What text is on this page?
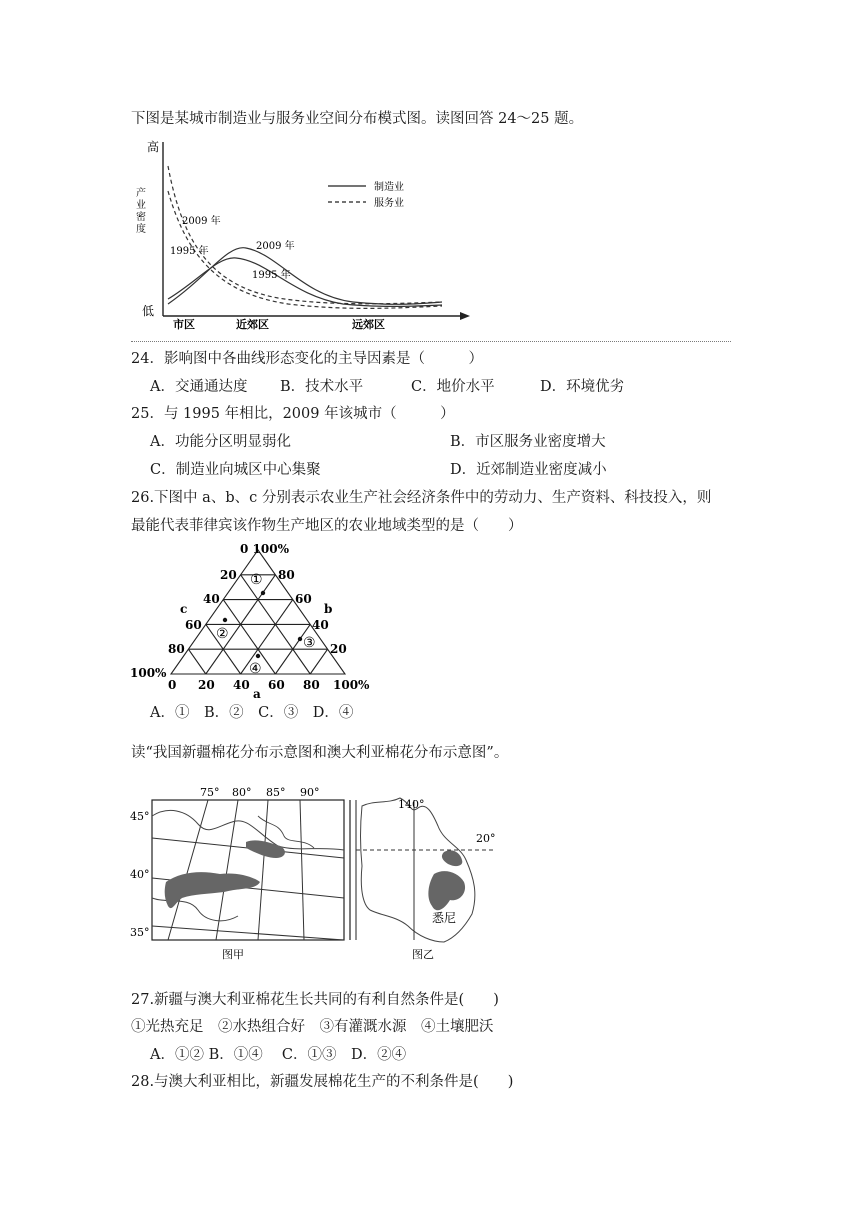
下图是某城市制造业与服务业空间分布模式图。读图回答 24～25 题。
高
产
业
密
度
低
市区	近郊区	远郊区
制造业
服务业
2009 年
1995 年	2009 年
1995 年
24．影响图中各曲线形态变化的主导因素是（　　　）
A．交通通达度 B．技术水平	C．地价水平	D．环境优劣
25．与 1995 年相比，2009 年该城市（　　　）
A．功能分区明显弱化	B．市区服务业密度增大
C．制造业向城区中心集聚	D．近郊制造业密度减小
26.下图中 a、b、c 分别表示农业生产社会经济条件中的劳动力、生产资料、科技投入，则
最能代表菲律宾该作物生产地区的农业地域类型的是（　　）
0 100%
20
40
60
80
80
60
40
20
c	b
100%
0 20 40 60 80 100%
a
①
②
③
④
A．①　B．②　C．③　D．④
读“我国新疆棉花分布示意图和澳大利亚棉花分布示意图”。
75° 80° 85° 90°
45°
40°
35°
图甲
140°
20°
悉尼
图乙
27.新疆与澳大利亚棉花生长共同的有利自然条件是(　　)
①光热充足　②水热组合好　③有灌溉水源　④土壤肥沃
A．①② B．①④　 C．①③　D．②④
28.与澳大利亚相比，新疆发展棉花生产的不利条件是(　　)
